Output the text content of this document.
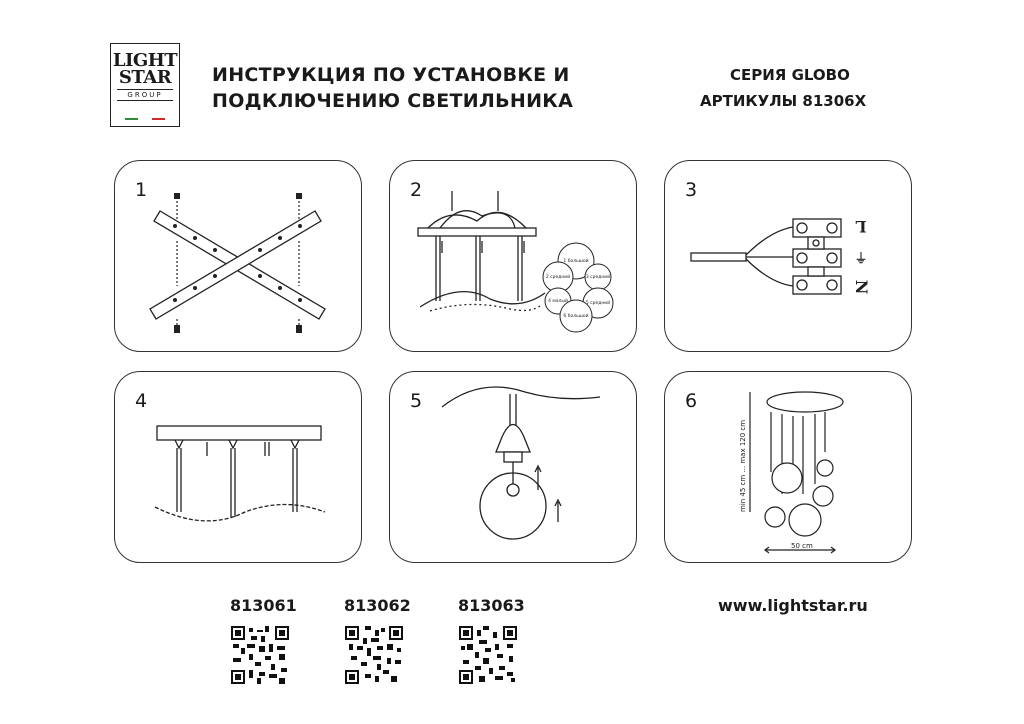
LIGHT
STAR
GROUP
ИНСТРУКЦИЯ ПО УСТАНОВКЕ И
ПОДКЛЮЧЕНИЮ СВЕТИЛЬНИКА
СЕРИЯ GLOBO
АРТИКУЛЫ 81306X
1	2
1 большой
2 средний	3 средний
4 малый	5 средний
6 большой
3
L
⏚
N
4	5	6
min 45 cm ... max 120 cm
50 cm
813061	813062	813063	www.lightstar.ru
